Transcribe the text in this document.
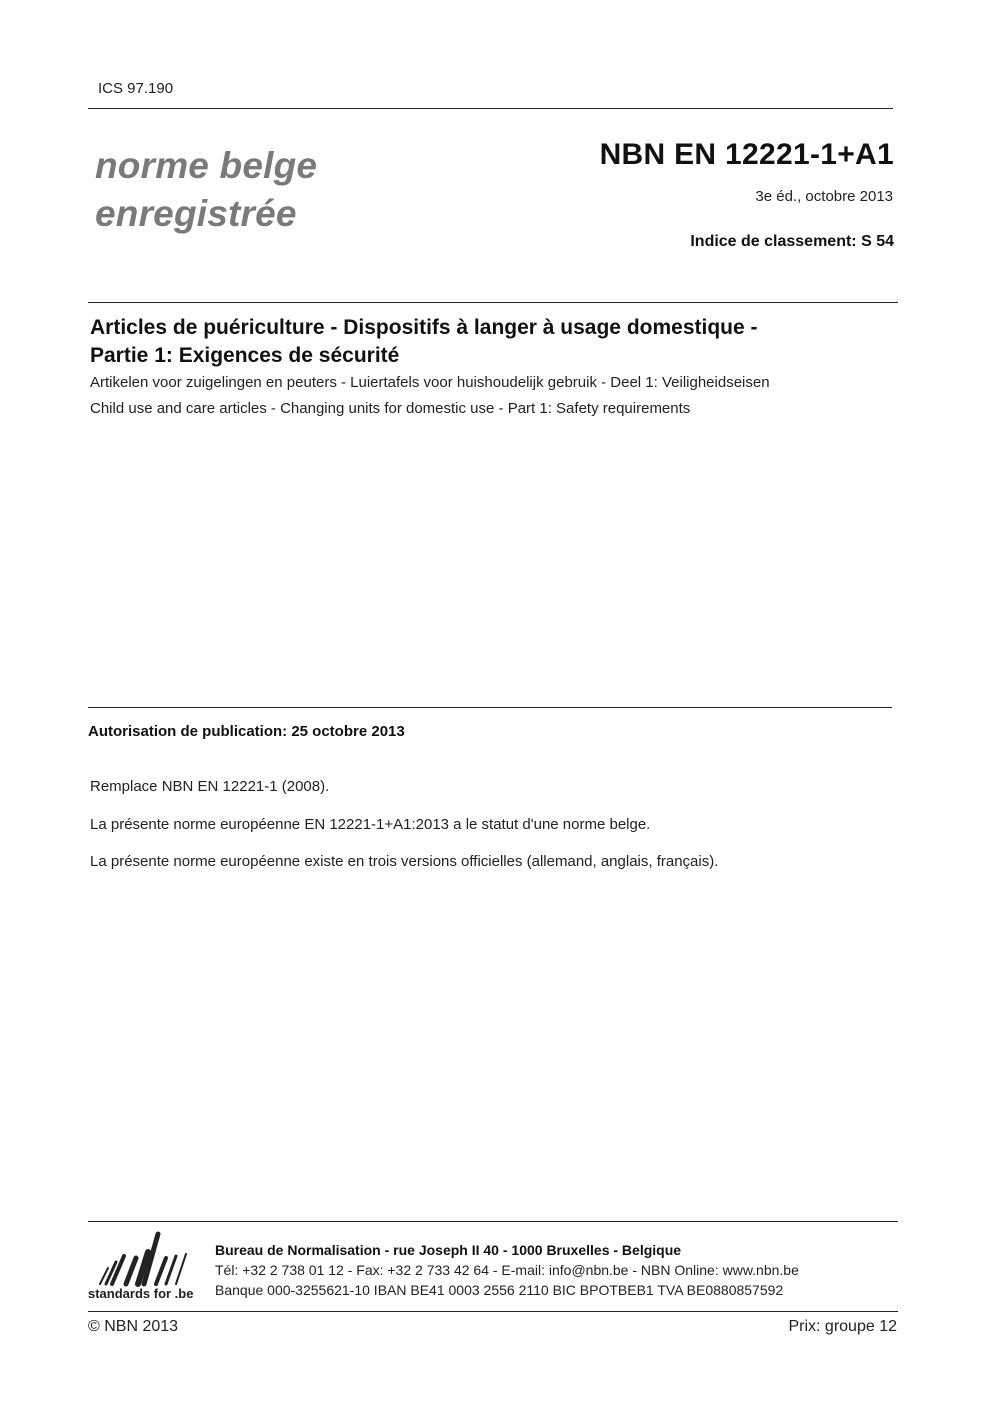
ICS 97.190
norme belge
enregistrée
NBN EN 12221-1+A1
3e éd., octobre 2013
Indice de classement: S 54
Articles de puériculture - Dispositifs à langer à usage domestique -
Partie 1: Exigences de sécurité
Artikelen voor zuigelingen en peuters - Luiertafels voor huishoudelijk gebruik - Deel 1: Veiligheidseisen
Child use and care articles - Changing units for domestic use - Part 1: Safety requirements
Autorisation de publication: 25 octobre 2013
Remplace NBN EN 12221-1 (2008).
La présente norme européenne EN 12221-1+A1:2013 a le statut d'une norme belge.
La présente norme européenne existe en trois versions officielles (allemand, anglais, français).
standards for .be
Bureau de Normalisation - rue Joseph II 40 - 1000 Bruxelles - Belgique
Tél: +32 2 738 01 12 - Fax: +32 2 733 42 64 - E-mail: info@nbn.be - NBN Online: www.nbn.be
Banque 000-3255621-10 IBAN BE41 0003 2556 2110 BIC BPOTBEB1 TVA BE0880857592
© NBN 2013	Prix: groupe 12
